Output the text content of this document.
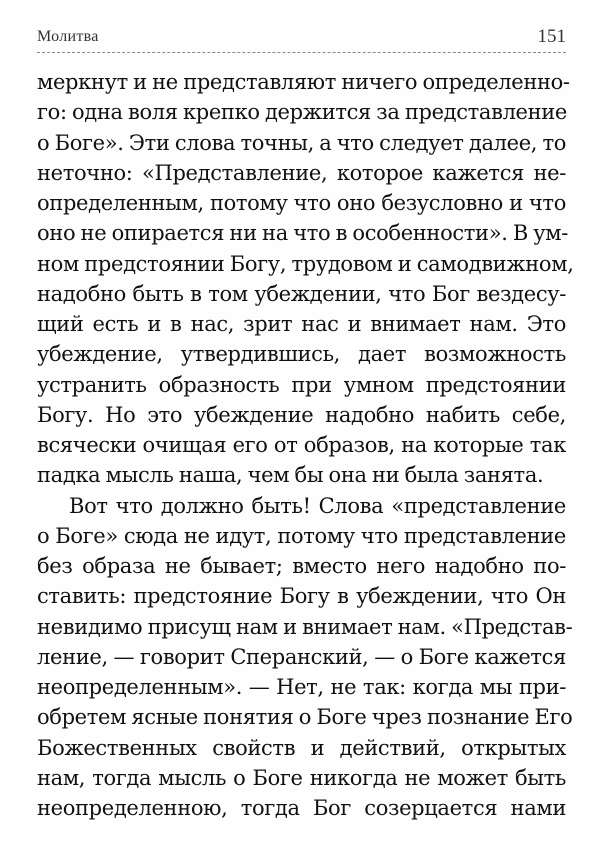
Молитва	151
меркнут и не представляют ничего определенно-
го: одна воля крепко держится за представление
о Боге». Эти слова точны, а что следует далее, то
неточно: «Представление, которое кажется не-
определенным, потому что оно безусловно и что
оно не опирается ни на что в особенности». В ум-
ном предстоянии Богу, трудовом и самодвижном,
надобно быть в том убеждении, что Бог вездесу-
щий есть и в нас, зрит нас и внимает нам. Это
убеждение, утвердившись, дает возможность
устранить образность при умном предстоянии
Богу. Но это убеждение надобно набить себе,
всячески очищая его от образов, на которые так
падка мысль наша, чем бы она ни была занята.
Вот что должно быть! Слова «представление
о Боге» сюда не идут, потому что представление
без образа не бывает; вместо него надобно по-
ставить: предстояние Богу в убеждении, что Он
невидимо присущ нам и внимает нам. «Представ-
ление, — говорит Сперанский, — о Боге кажется
неопределенным». — Нет, не так: когда мы при-
обретем ясные понятия о Боге чрез познание Его
Божественных свойств и действий, открытых
нам, тогда мысль о Боге никогда не может быть
неопределенною, тогда Бог созерцается нами
